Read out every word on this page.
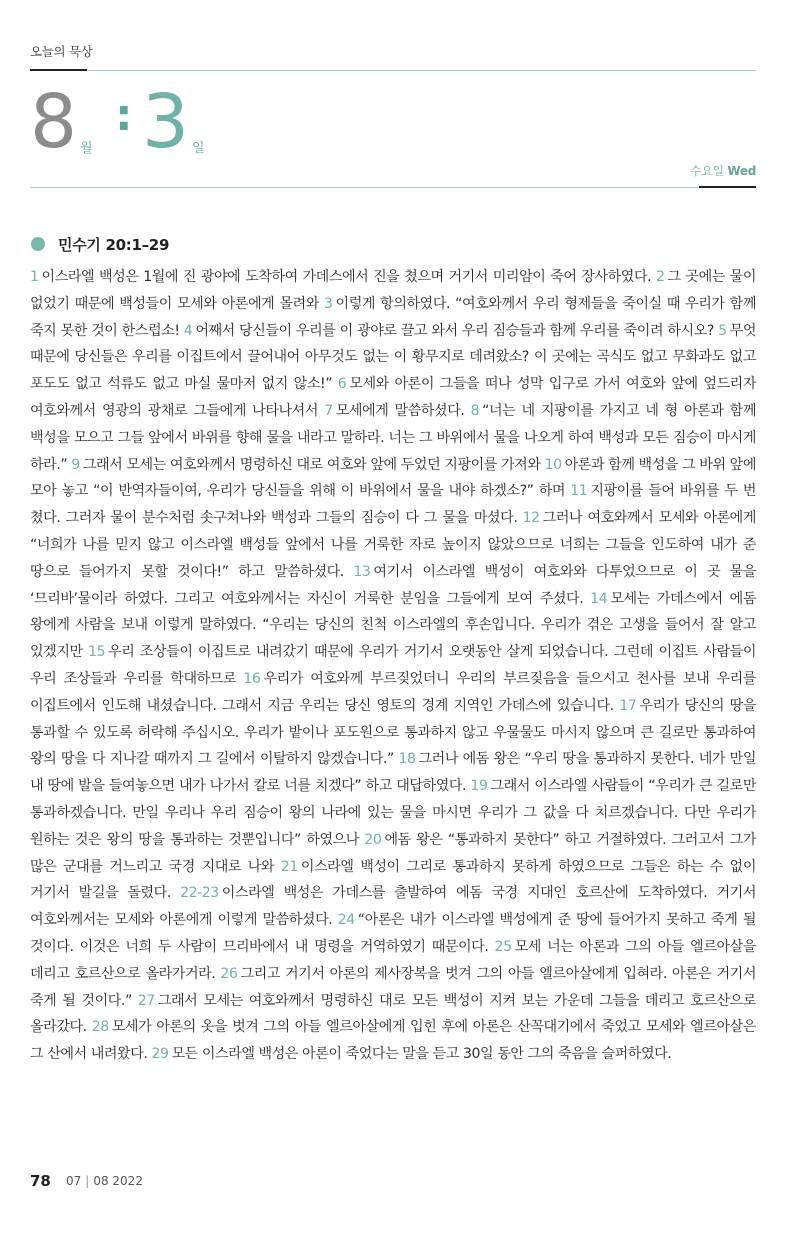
오늘의 묵상
8 월
: 3 일
수요일 Wed
민수기 20:1–29
1 이스라엘 백성은 1월에 진 광야에 도착하여 가데스에서 진을 쳤으며 거기서 미리암이 죽어 장사하였다. 2 그 곳에는 물이 없었기 때문에 백성들이 모세와 아론에게 몰려와 3 이렇게 항의하였다. “여호와께서 우리 형제들을 죽이실 때 우리가 함께 죽지 못한 것이 한스럽소! 4 어째서 당신들이 우리를 이 광야로 끌고 와서 우리 짐승들과 함께 우리를 죽이려 하시오? 5 무엇 때문에 당신들은 우리를 이집트에서 끌어내어 아무것도 없는 이 황무지로 데려왔소? 이 곳에는 곡식도 없고 무화과도 없고 포도도 없고 석류도 없고 마실 물마저 없지 않소!” 6 모세와 아론이 그들을 떠나 성막 입구로 가서 여호와 앞에 엎드리자 여호와께서 영광의 광채로 그들에게 나타나셔서 7 모세에게 말씀하셨다. 8 “너는 네 지팡이를 가지고 네 형 아론과 함께 백성을 모으고 그들 앞에서 바위를 향해 물을 내라고 말하라. 너는 그 바위에서 물을 나오게 하여 백성과 모든 짐승이 마시게 하라.” 9 그래서 모세는 여호와께서 명령하신 대로 여호와 앞에 두었던 지팡이를 가져와 10 아론과 함께 백성을 그 바위 앞에 모아 놓고 “이 반역자들이여, 우리가 당신들을 위해 이 바위에서 물을 내야 하겠소?” 하며 11 지팡이를 들어 바위를 두 번 쳤다. 그러자 물이 분수처럼 솟구쳐나와 백성과 그들의 짐승이 다 그 물을 마셨다. 12 그러나 여호와께서 모세와 아론에게 “너희가 나를 믿지 않고 이스라엘 백성들 앞에서 나를 거룩한 자로 높이지 않았으므로 너희는 그들을 인도하여 내가 준 땅으로 들어가지 못할 것이다!” 하고 말씀하셨다. 13 여기서 이스라엘 백성이 여호와와 다투었으므로 이 곳 물을 ‘므리바’물이라 하였다. 그리고 여호와께서는 자신이 거룩한 분임을 그들에게 보여 주셨다. 14 모세는 가데스에서 에돔 왕에게 사람을 보내 이렇게 말하였다. “우리는 당신의 친척 이스라엘의 후손입니다. 우리가 겪은 고생을 들어서 잘 알고 있겠지만 15 우리 조상들이 이집트로 내려갔기 때문에 우리가 거기서 오랫동안 살게 되었습니다. 그런데 이집트 사람들이 우리 조상들과 우리를 학대하므로 16 우리가 여호와께 부르짖었더니 우리의 부르짖음을 들으시고 천사를 보내 우리를 이집트에서 인도해 내셨습니다. 그래서 지금 우리는 당신 영토의 경계 지역인 가데스에 있습니다. 17 우리가 당신의 땅을 통과할 수 있도록 허락해 주십시오. 우리가 밭이나 포도원으로 통과하지 않고 우물물도 마시지 않으며 큰 길로만 통과하여 왕의 땅을 다 지나갈 때까지 그 길에서 이탈하지 않겠습니다.” 18 그러나 에돔 왕은 “우리 땅을 통과하지 못한다. 네가 만일 내 땅에 발을 들여놓으면 내가 나가서 칼로 너를 치겠다” 하고 대답하였다. 19 그래서 이스라엘 사람들이 “우리가 큰 길로만 통과하겠습니다. 만일 우리나 우리 짐승이 왕의 나라에 있는 물을 마시면 우리가 그 값을 다 치르겠습니다. 다만 우리가 원하는 것은 왕의 땅을 통과하는 것뿐입니다” 하였으나 20 에돔 왕은 “통과하지 못한다” 하고 거절하였다. 그러고서 그가 많은 군대를 거느리고 국경 지대로 나와 21 이스라엘 백성이 그리로 통과하지 못하게 하였으므로 그들은 하는 수 없이 거기서 발길을 돌렸다. 22-23 이스라엘 백성은 가데스를 출발하여 에돔 국경 지대인 호르산에 도착하였다. 거기서 여호와께서는 모세와 아론에게 이렇게 말씀하셨다. 24 “아론은 내가 이스라엘 백성에게 준 땅에 들어가지 못하고 죽게 될 것이다. 이것은 너희 두 사람이 므리바에서 내 명령을 거역하였기 때문이다. 25 모세 너는 아론과 그의 아들 엘르아살을 데리고 호르산으로 올라가거라. 26 그리고 거기서 아론의 제사장복을 벗겨 그의 아들 엘르아살에게 입혀라. 아론은 거기서 죽게 될 것이다.” 27 그래서 모세는 여호와께서 명령하신 대로 모든 백성이 지켜 보는 가운데 그들을 데리고 호르산으로 올라갔다. 28 모세가 아론의 옷을 벗겨 그의 아들 엘르아살에게 입힌 후에 아론은 산꼭대기에서 죽었고 모세와 엘르아살은 그 산에서 내려왔다. 29 모든 이스라엘 백성은 아론이 죽었다는 말을 듣고 30일 동안 그의 죽음을 슬퍼하였다.
78 07 | 08 2022
